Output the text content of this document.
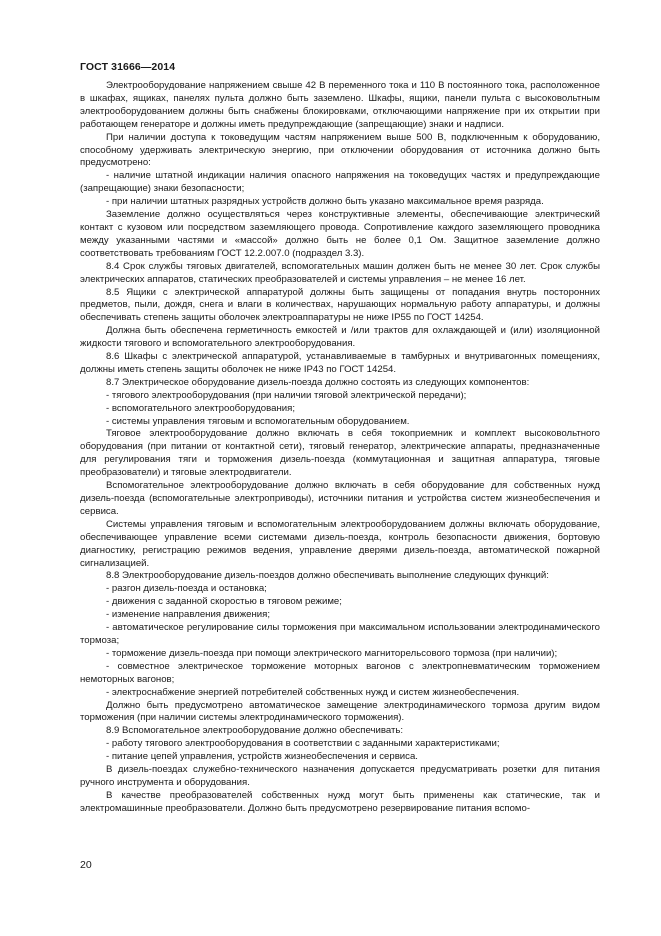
ГОСТ 31666—2014

Электрооборудование напряжением свыше 42 В переменного тока и 110 В постоянного тока, расположенное в шкафах, ящиках, панелях пульта должно быть заземлено. Шкафы, ящики, панели пульта с высоковольтным электрооборудованием должны быть снабжены блокировками, отключающими напряжение при их открытии при работающем генераторе и должны иметь предупреждающие (запрещающие) знаки и надписи.

При наличии доступа к токоведущим частям напряжением выше 500 В, подключенным к оборудованию, способному удерживать электрическую энергию, при отключении оборудования от источника должно быть предусмотрено:

- наличие штатной индикации наличия опасного напряжения на токоведущих частях и предупреждающие (запрещающие) знаки безопасности;

- при наличии штатных разрядных устройств должно быть указано максимальное время разряда.

Заземление должно осуществляться через конструктивные элементы, обеспечивающие электрический контакт с кузовом или посредством заземляющего провода. Сопротивление каждого заземляющего проводника между указанными частями и «массой» должно быть не более 0,1 Ом. Защитное заземление должно соответствовать требованиям ГОСТ 12.2.007.0 (подраздел 3.3).

8.4 Срок службы тяговых двигателей, вспомогательных машин должен быть не менее 30 лет. Срок службы электрических аппаратов, статических преобразователей и системы управления – не менее 16 лет.

8.5 Ящики с электрической аппаратурой должны быть защищены от попадания внутрь посторонних предметов, пыли, дождя, снега и влаги в количествах, нарушающих нормальную работу аппаратуры, и должны обеспечивать степень защиты оболочек электроаппаратуры не ниже IP55 по ГОСТ 14254.

Должна быть обеспечена герметичность емкостей и /или трактов для охлаждающей и (или) изоляционной жидкости тягового и вспомогательного электрооборудования.

8.6 Шкафы с электрической аппаратурой, устанавливаемые в тамбурных и внутривагонных помещениях, должны иметь степень защиты оболочек не ниже IP43 по ГОСТ 14254.

8.7 Электрическое оборудование дизель-поезда должно состоять из следующих компонентов:

- тягового электрооборудования (при наличии тяговой электрической передачи);

- вспомогательного электрооборудования;

- системы управления тяговым и вспомогательным оборудованием.

Тяговое электрооборудование должно включать в себя токоприемник и комплект высоковольтного оборудования (при питании от контактной сети), тяговый генератор, электрические аппараты, предназначенные для регулирования тяги и торможения дизель-поезда (коммутационная и защитная аппаратура, тяговые преобразователи) и тяговые электродвигатели.

Вспомогательное электрооборудование должно включать в себя оборудование для собственных нужд дизель-поезда (вспомогательные электроприводы), источники питания и устройства систем жизнеобеспечения и сервиса.

Системы управления тяговым и вспомогательным электрооборудованием должны включать оборудование, обеспечивающее управление всеми системами дизель-поезда, контроль безопасности движения, бортовую диагностику, регистрацию режимов ведения, управление дверями дизель-поезда, автоматической пожарной сигнализацией.

8.8 Электрооборудование дизель-поездов должно обеспечивать выполнение следующих функций:

- разгон дизель-поезда и остановка;

- движения с заданной скоростью в тяговом режиме;

- изменение направления движения;

- автоматическое регулирование силы торможения при максимальном использовании электродинамического тормоза;

- торможение дизель-поезда при помощи электрического магниторельсового тормоза (при наличии);

- совместное электрическое торможение моторных вагонов с электропневматическим торможением немоторных вагонов;

- электроснабжение энергией потребителей собственных нужд и систем жизнеобеспечения.

Должно быть предусмотрено автоматическое замещение электродинамического тормоза другим видом торможения (при наличии системы электродинамического торможения).

8.9 Вспомогательное электрооборудование должно обеспечивать:

- работу тягового электрооборудования в соответствии с заданными характеристиками;

- питание цепей управления, устройств жизнеобеспечения и сервиса.

В дизель-поездах служебно-технического назначения допускается предусматривать розетки для питания ручного инструмента и оборудования.

В качестве преобразователей собственных нужд могут быть применены как статические, так и электромашинные преобразователи. Должно быть предусмотрено резервирование питания вспомо-

20
